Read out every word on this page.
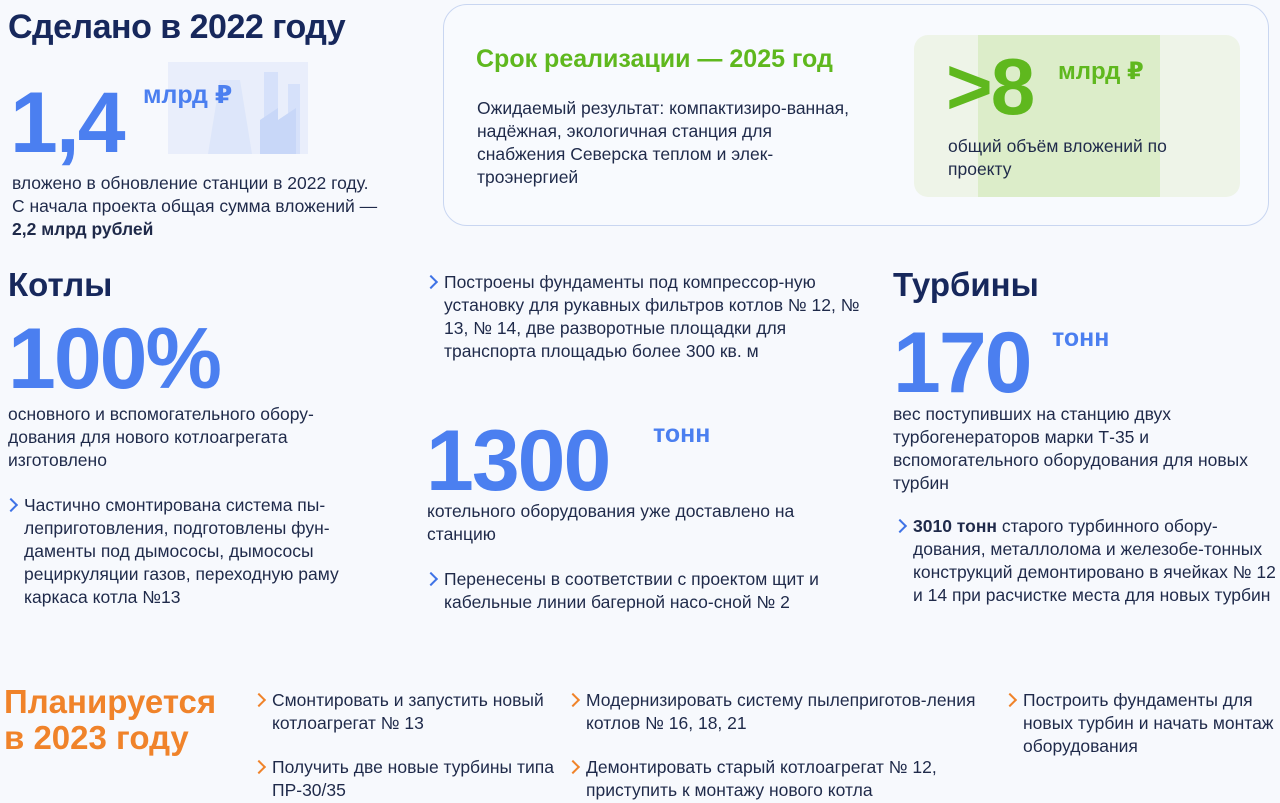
Сделано в 2022 году
1,4 млрд ₽
вложено в обновление станции в 2022 году. С начала проекта общая сумма вложений — 2,2 млрд рублей
Срок реализации — 2025 год
Ожидаемый результат: компактизиро-ванная, надёжная, экологичная станция для снабжения Северска теплом и элек-троэнергией
>8 млрд ₽
общий объём вложений по проекту
Котлы
100%
основного и вспомогательного обору-дования для нового котлоагрегата изготовлено
Частично смонтирована система пы-леприготовления, подготовлены фун-даменты под дымососы, дымососы рециркуляции газов, переходную раму каркаса котла №13
Построены фундаменты под компрессор-ную установку для рукавных фильтров котлов № 12, № 13, № 14, две разворотные площадки для транспорта площадью более 300 кв. м
1300 тонн
котельного оборудования уже доставлено на станцию
Перенесены в соответствии с проектом щит и кабельные линии багерной насо-сной № 2
Турбины
170 тонн
вес поступивших на станцию двух турбогенераторов марки Т-35 и вспомогательного оборудования для новых турбин
3010 тонн старого турбинного обору-дования, металлолома и железобе-тонных конструкций демонтировано в ячейках № 12 и 14 при расчистке места для новых турбин
Планируется
в 2023 году
Смонтировать и запустить новый котлоагрегат № 13
Получить две новые турбины типа ПР-30/35
Модернизировать систему пылеприготов-ления котлов № 16, 18, 21
Демонтировать старый котлоагрегат № 12, приступить к монтажу нового котла
Построить фундаменты для новых турбин и начать монтаж оборудования
